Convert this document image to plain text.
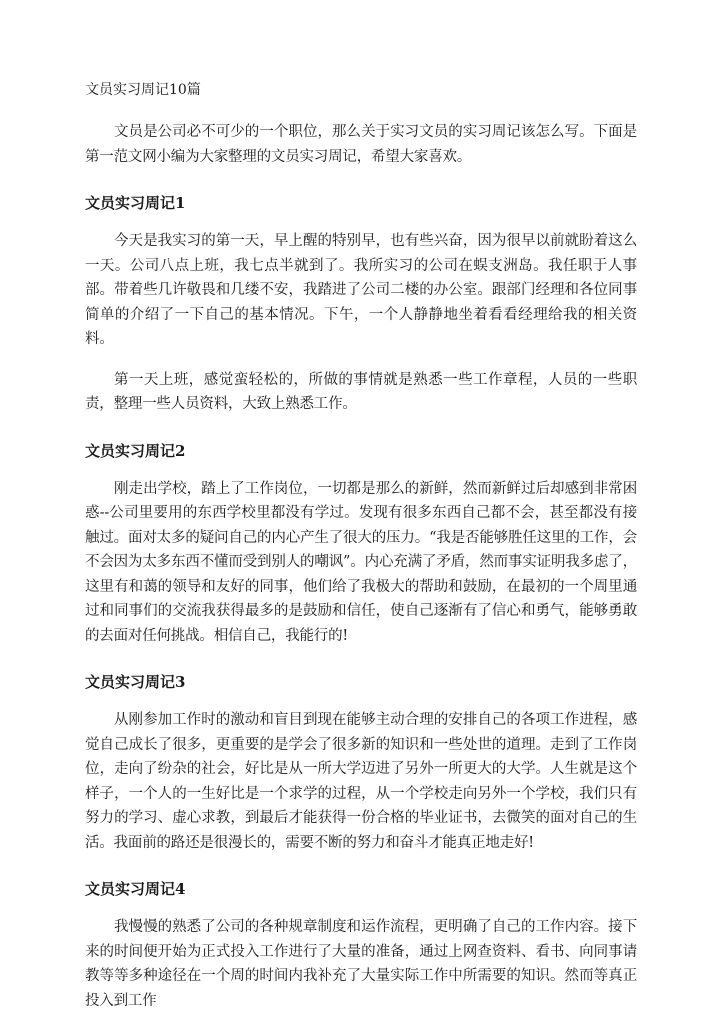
文员实习周记10篇

文员是公司必不可少的一个职位，那么关于实习文员的实习周记该怎么写。下面是第一范文网小编为大家整理的文员实习周记，希望大家喜欢。

文员实习周记1

今天是我实习的第一天，早上醒的特别早，也有些兴奋，因为很早以前就盼着这么一天。公司八点上班，我七点半就到了。我所实习的公司在蜈支洲岛。我任职于人事部。带着些几许敬畏和几缕不安，我踏进了公司二楼的办公室。跟部门经理和各位同事简单的介绍了一下自己的基本情况。下午，一个人静静地坐着看看经理给我的相关资料。

第一天上班，感觉蛮轻松的，所做的事情就是熟悉一些工作章程，人员的一些职责，整理一些人员资料，大致上熟悉工作。

文员实习周记2

刚走出学校，踏上了工作岗位，一切都是那么的新鲜，然而新鲜过后却感到非常困惑--公司里要用的东西学校里都没有学过。发现有很多东西自己都不会，甚至都没有接触过。面对太多的疑问自己的内心产生了很大的压力。“我是否能够胜任这里的工作，会不会因为太多东西不懂而受到别人的嘲讽”。内心充满了矛盾，然而事实证明我多虑了，这里有和蔼的领导和友好的同事，他们给了我极大的帮助和鼓励，在最初的一个周里通过和同事们的交流我获得最多的是鼓励和信任，使自己逐渐有了信心和勇气，能够勇敢的去面对任何挑战。相信自己，我能行的!

文员实习周记3

从刚参加工作时的激动和盲目到现在能够主动合理的安排自己的各项工作进程，感觉自己成长了很多，更重要的是学会了很多新的知识和一些处世的道理。走到了工作岗位，走向了纷杂的社会，好比是从一所大学迈进了另外一所更大的大学。人生就是这个样子，一个人的一生好比是一个求学的过程，从一个学校走向另外一个学校，我们只有努力的学习、虚心求教，到最后才能获得一份合格的毕业证书，去微笑的面对自己的生活。我面前的路还是很漫长的，需要不断的努力和奋斗才能真正地走好!

文员实习周记4

我慢慢的熟悉了公司的各种规章制度和运作流程，更明确了自己的工作内容。接下来的时间便开始为正式投入工作进行了大量的准备，通过上网查资料、看书、向同事请教等等多种途径在一个周的时间内我补充了大量实际工作中所需要的知识。然而等真正投入到工作
